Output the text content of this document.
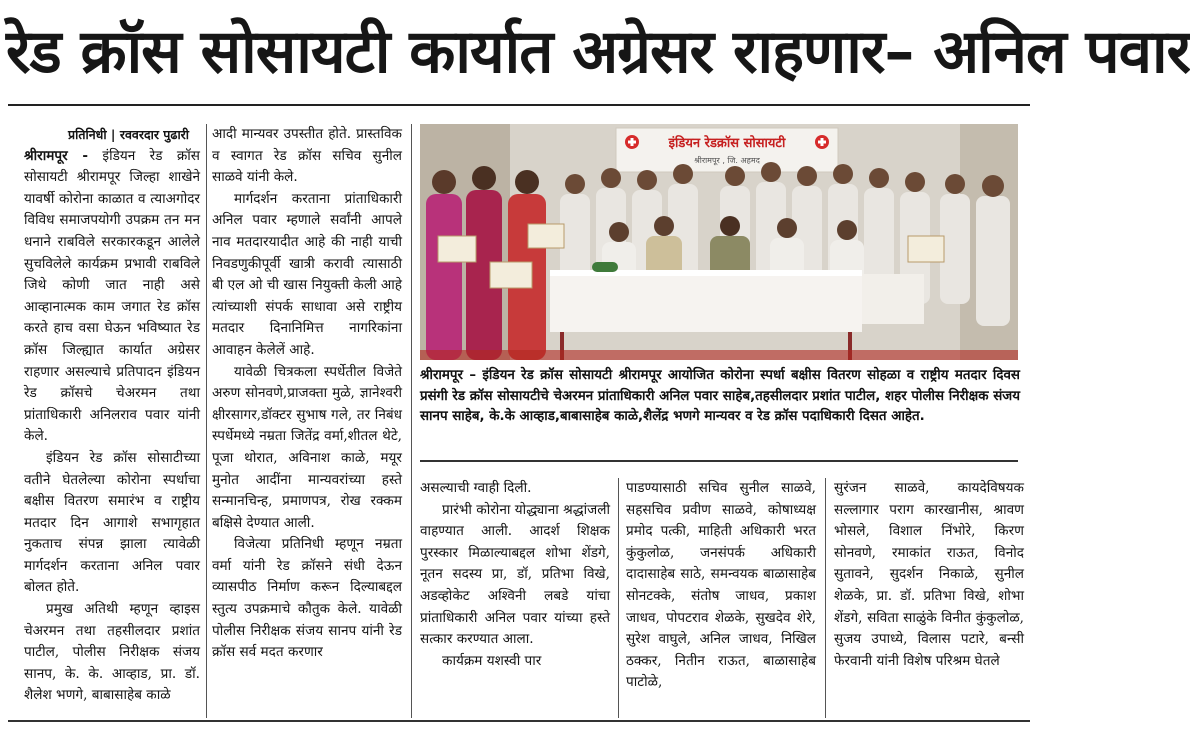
रेड क्रॉस सोसायटी कार्यात अग्रेसर राहणार– अनिल पवार

प्रतिनिधी | रववरदार पुढारी

श्रीरामपूर - इंडियन रेड क्रॉस सोसायटी श्रीरामपूर जिल्हा शाखेने यावर्षी कोरोना काळात व त्याअगोदर विविध समाजपयोगी उपक्रम तन मन धनाने राबविले सरकारकडून आलेले सुचविलेले कार्यक्रम प्रभावी राबविले जिथे कोणी जात नाही असे आव्हानात्मक काम जगात रेड क्रॉस करते हाच वसा घेऊन भविष्यात रेड क्रॉस जिल्ह्यात कार्यात अग्रेसर राहणार असल्याचे प्रतिपादन इंडियन रेड क्रॉसचे चेअरमन तथा प्रांताधिकारी अनिलराव पवार यांनी केले.

इंडियन रेड क्रॉस सोसाटीच्या वतीने घेतलेल्या कोरोना स्पर्धाचा बक्षीस वितरण समारंभ व राष्ट्रीय मतदार दिन आगाशे सभागृहात नुकताच संपन्न झाला त्यावेळी मार्गदर्शन करताना अनिल पवार बोलत होते.

प्रमुख अतिथी म्हणून व्हाइस चेअरमन तथा तहसीलदार प्रशांत पाटील, पोलीस निरीक्षक संजय सानप, के. के. आव्हाड, प्रा. डॉ. शैलेश भणगे, बाबासाहेब काळे

आदी मान्यवर उपस्तीत होते. प्रास्तविक व स्वागत रेड क्रॉस सचिव सुनील साळवे यांनी केले.

मार्गदर्शन करताना प्रांताधिकारी अनिल पवार म्हणाले सर्वांनी आपले नाव मतदारयादीत आहे की नाही याची निवडणुकीपूर्वी खात्री करावी त्यासाठी बी एल ओ ची खास नियुक्ती केली आहे त्यांच्याशी संपर्क साधावा असे राष्ट्रीय मतदार दिनानिमित्त नागरिकांना आवाहन केलेलें आहे.

यावेळी चित्रकला स्पर्धेतील विजेते अरुण सोनवणे,प्राजक्ता मुळे, ज्ञानेश्वरी क्षीरसागर,डॉक्टर सुभाष गले, तर निबंध स्पर्धेमध्ये नम्रता जितेंद्र वर्मा,शीतल थेटे, पूजा थोरात, अविनाश काळे, मयूर मुनोत आदींना मान्यवरांच्या हस्ते सन्मानचिन्ह, प्रमाणपत्र, रोख रक्कम बक्षिसे देण्यात आली.

विजेत्या प्रतिनिधी म्हणून नम्रता वर्मा यांनी रेड क्रॉसने संधी देऊन व्यासपीठ निर्माण करून दिल्याबद्दल स्तुत्य उपक्रमाचे कौतुक केले. यावेळी पोलीस निरीक्षक संजय सानप यांनी रेड क्रॉस सर्व मदत करणार

इंडियन रेडक्रॉस सोसायटी
श्रीरामपूर , जि. अहमद
श्रीरामपूर – इंडियन रेड क्रॉस सोसायटी श्रीरामपूर आयोजित कोरोना स्पर्धा बक्षीस वितरण सोहळा व राष्ट्रीय मतदार दिवस प्रसंगी रेड क्रॉस सोसायटीचे चेअरमन प्रांताधिकारी अनिल पवार साहेब,तहसीलदार प्रशांत पाटील, शहर पोलीस निरीक्षक संजय सानप साहेब, के.के आव्हाड,बाबासाहेब काळे,शैलेंद्र भणगे मान्यवर व रेड क्रॉस पदाधिकारी दिसत आहेत.

असल्याची ग्वाही दिली.

प्रारंभी कोरोना योद्ध्याना श्रद्धांजली वाहण्यात आली. आदर्श शिक्षक पुरस्कार मिळाल्याबद्दल शोभा शेंडगे, नूतन सदस्य प्रा, डॉ, प्रतिभा विखे, अडव्होकेट अश्विनी लबडे यांचा प्रांताधिकारी अनिल पवार यांच्या हस्ते सत्कार करण्यात आला.

कार्यक्रम यशस्वी पार

पाडण्यासाठी सचिव सुनील साळवे, सहसचिव प्रवीण साळवे, कोषाध्यक्ष प्रमोद पत्की, माहिती अधिकारी भरत कुंकुलोळ, जनसंपर्क अधिकारी दादासाहेब साठे, समन्वयक बाळासाहेब सोनटक्के, संतोष जाधव, प्रकाश जाधव, पोपटराव शेळके, सुखदेव शेरे, सुरेश वाघुले, अनिल जाधव, निखिल ठक्कर, नितीन राऊत, बाळासाहेब पाटोळे,

सुरंजन साळवे, कायदेविषयक सल्लागार पराग कारखानीस, श्रावण भोसले, विशाल निंभोरे, किरण सोनवणे, रमाकांत राऊत, विनोद सुतावने, सुदर्शन निकाळे, सुनील शेळके, प्रा. डॉ. प्रतिभा विखे, शोभा शेंडगे, सविता साळुंके विनीत कुंकुलोळ, सुजय उपाध्ये, विलास पटारे, बन्सी फेरवानी यांनी विशेष परिश्रम घेतले
